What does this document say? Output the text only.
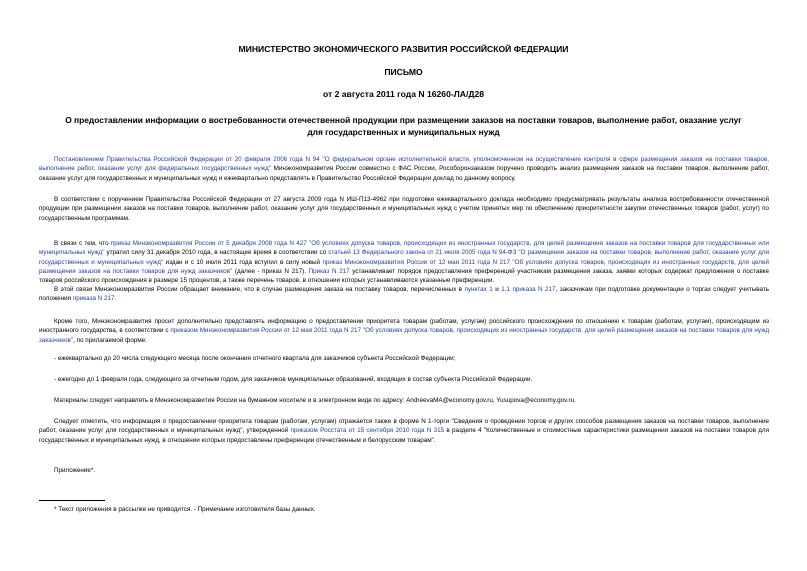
МИНИСТЕРСТВО ЭКОНОМИЧЕСКОГО РАЗВИТИЯ РОССИЙСКОЙ ФЕДЕРАЦИИ
ПИСЬМО
от 2 августа 2011 года N 16260-ЛА/Д28
О предоставлении информации о востребованности отечественной продукции при размещении заказов на поставки товаров, выполнение работ, оказание услуг
для государственных и муниципальных нужд
Постановлением Правительства Российской Федерации от 20 февраля 2006 года N 94 "О федеральном органе исполнительной власти, уполномоченном на осуществление контроля в сфере размещения заказов на поставки товаров, выполнение работ, оказание услуг для федеральных государственных нужд" Минэкономразвития России совместно с ФАС России, Рособоронзаказом поручено проводить анализ размещения заказов на поставки товаров, выполнение работ, оказание услуг для государственных и муниципальных нужд и ежеквартально представлять в Правительство Российской Федерации доклад по данному вопросу.
В соответствии с поручением Правительства Российской Федерации от 27 августа 2009 года N ИШ-П13-4962 при подготовке ежеквартального доклада необходимо предусматривать результаты анализа востребованности отечественной продукции при размещении заказов на поставки товаров, выполнение работ, оказание услуг для государственных и муниципальных нужд с учетом принятых мер по обеспечению приоритетности закупки отечественных товаров (работ, услуг) по государственным программам.
В связи с тем, что приказ Минэкономразвития России от 5 декабря 2008 года N 427 "Об условиях допуска товаров, происходящих из иностранных государств, для целей размещения заказов на поставки товаров для государственных или муниципальных нужд" утратил силу 31 декабря 2010 года, в настоящее время в соответствии со статьей 13 Федерального закона от 21 июля 2005 года N 94-ФЗ "О размещении заказов на поставки товаров, выполнение работ, оказание услуг для государственных и муниципальных нужд" издан и с 10 июля 2011 года вступил в силу новый приказ Минэкономразвития России от 12 мая 2011 года N 217 "Об условиях допуска товаров, происходящих из иностранных государств, для целей размещения заказов на поставки товаров для нужд заказчиков" (далее - приказ N 217). Приказ N 217 устанавливает порядок предоставления преференций участникам размещения заказа, заявки которых содержат предложения о поставке товаров российского происхождения в размере 15 процентов, а также перечень товаров, в отношении которых устанавливаются указанные преференции.
В этой связи Минэкономразвития России обращает внимание, что в случае размещения заказа на поставку товаров, перечисленных в пунктах 1 и 1.1 приказа N 217, заказчикам при подготовке документации о торгах следует учитывать положения приказа N 217.
Кроме того, Минэкономразвития просит дополнительно представлять информацию о предоставлении приоритета товарам (работам, услугам) российского происхождения по отношению к товарам (работам, услугам), происходящим из иностранного государства, в соответствии с приказом Минэкономразвития России от 12 мая 2011 года N 217 "Об условиях допуска товаров, происходящих из иностранных государств, для целей размещения заказов на поставки товаров для нужд заказчиков", по прилагаемой форме:
- ежеквартально до 20 числа следующего месяца после окончания отчетного квартала для заказчиков субъекта Российской Федерации;
- ежегодно до 1 февраля года, следующего за отчетным годом, для заказчиков муниципальных образований, входящих в состав субъекта Российской Федерации.
Материалы следует направлять в Минэкономразвития России на бумажном носителе и в электронном виде по адресу: AndreevaMA@economy.gov.ru, Yusupova@economy.gov.ru.
Следует отметить, что информация о предоставлении приоритета товарам (работам, услугам) отражается также в форме N 1-торги "Сведения о проведении торгов и других способов размещения заказов на поставки товаров, выполнение работ, оказание услуг для государственных и муниципальных нужд", утвержденной приказом Росстата от 15 сентября 2010 года N 315 в разделе 4 "Количественные и стоимостные характеристики размещения заказов на поставки товаров для государственных и муниципальных нужд, в отношении которых предоставлены преференции отечественным и белорусским товарам".
Приложение*.
* Текст приложения в рассылке не приводится. - Примечание изготовителя базы данных.
